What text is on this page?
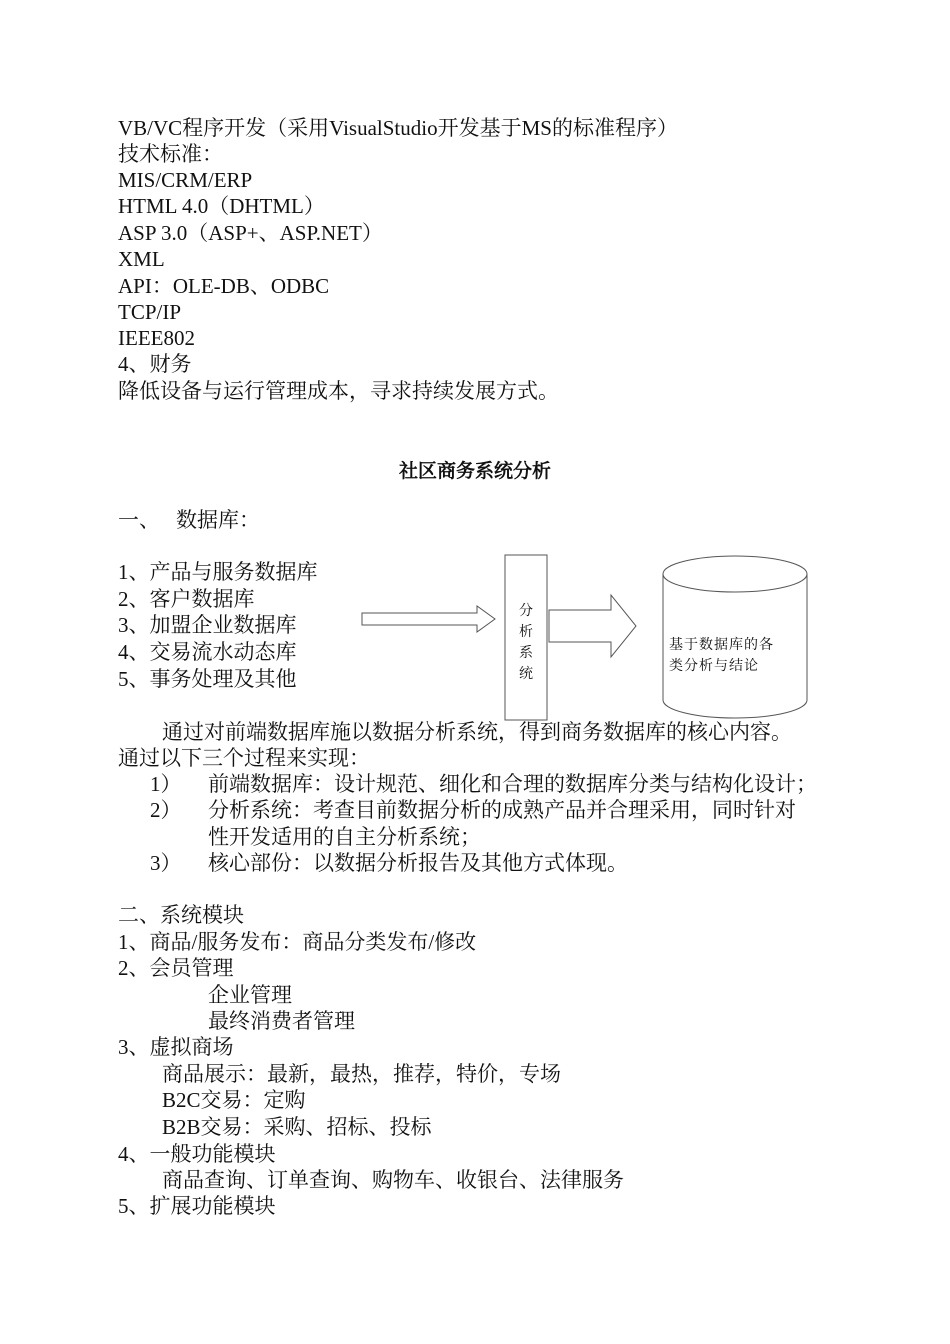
VB/VC程序开发（采用VisualStudio开发基于MS的标准程序）
技术标准：
MIS/CRM/ERP
HTML 4.0（DHTML）
ASP 3.0（ASP+、ASP.NET）
XML
API：OLE-DB、ODBC
TCP/IP
IEEE802
4、财务
降低设备与运行管理成本，寻求持续发展方式。
社区商务系统分析
一、 数据库：
1、产品与服务数据库
2、客户数据库
3、加盟企业数据库
4、交易流水动态库
5、事务处理及其他
分
析
系
统
基于数据库的各
类分析与结论
通过对前端数据库施以数据分析系统，得到商务数据库的核心内容。
通过以下三个过程来实现：
1） 前端数据库：设计规范、细化和合理的数据库分类与结构化设计；
2） 分析系统：考查目前数据分析的成熟产品并合理采用，同时针对
性开发适用的自主分析系统；
3） 核心部份：以数据分析报告及其他方式体现。
二、系统模块
1、商品/服务发布：商品分类发布/修改
2、会员管理
企业管理
最终消费者管理
3、虚拟商场
商品展示：最新，最热，推荐，特价，专场
B2C交易：定购
B2B交易：采购、招标、投标
4、一般功能模块
商品查询、订单查询、购物车、收银台、法律服务
5、扩展功能模块
